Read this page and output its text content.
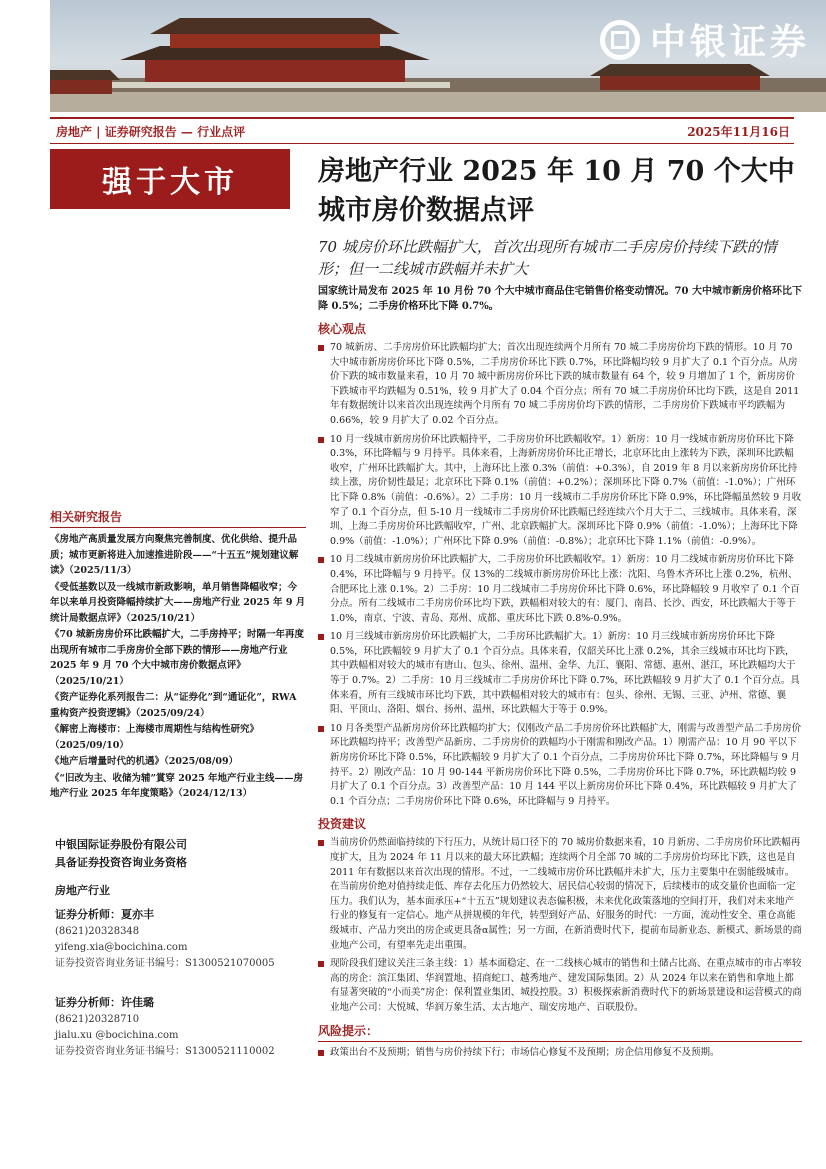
中银证券
房地产 | 证券研究报告 — 行业点评	2025年11月16日
强于大市	房地产行业 2025 年 10 月 70 个大中城市房价数据点评

70 城房价环比跌幅扩大，首次出现所有城市二手房房价持续下跌的情形；但一二线城市跌幅并未扩大

国家统计局发布 2025 年 10 月份 70 个大中城市商品住宅销售价格变动情况。70 大中城市新房价格环比下降 0.5%；二手房价格环比下降 0.7%。

核心观点

70 城新房、二手房房价环比跌幅均扩大；首次出现连续两个月所有 70 城二手房房价均下跌的情形。10 月 70 大中城市新房房价环比下降 0.5%，二手房房价环比下跌 0.7%，环比降幅均较 9 月扩大了 0.1 个百分点。从房价下跌的城市数量来看，10 月 70 城中新房房价环比下跌的城市数量有 64 个，较 9 月增加了 1 个，新房房价下跌城市平均跌幅为 0.51%，较 9 月扩大了 0.04 个百分点；所有 70 城二手房房价环比均下跌，这是自 2011 年有数据统计以来首次出现连续两个月所有 70 城二手房房价均下跌的情形，二手房房价下跌城市平均跌幅为 0.66%，较 9 月扩大了 0.02 个百分点。

10 月一线城市新房房价环比跌幅持平，二手房房价环比跌幅收窄。1）新房：10 月一线城市新房房价环比下降 0.3%，环比降幅与 9 月持平。具体来看，上海新房房价环比正增长，北京环比由上涨转为下跌，深圳环比跌幅收窄，广州环比跌幅扩大。其中，上海环比上涨 0.3%（前值：+0.3%），自 2019 年 8 月以来新房房价环比持续上涨，房价韧性最足；北京环比下降 0.1%（前值：+0.2%）；深圳环比下降 0.7%（前值：-1.0%）；广州环比下降 0.8%（前值：-0.6%）。2）二手房：10 月一线城市二手房房价环比下降 0.9%，环比降幅虽然较 9 月收窄了 0.1 个百分点，但 5-10 月一线城市二手房房价环比跌幅已经连续六个月大于二、三线城市。具体来看，深圳、上海二手房房价环比跌幅收窄，广州、北京跌幅扩大。深圳环比下降 0.9%（前值：-1.0%）；上海环比下降 0.9%（前值：-1.0%）；广州环比下降 0.9%（前值：-0.8%）；北京环比下降 1.1%（前值：-0.9%）。

10 月二线城市新房房价环比跌幅扩大，二手房房价环比跌幅收窄。1）新房：10 月二线城市新房房价环比下降 0.4%，环比降幅与 9 月持平。仅 13%的二线城市新房房价环比上涨：沈阳、乌鲁木齐环比上涨 0.2%，杭州、合肥环比上涨 0.1%。2）二手房：10 月二线城市二手房房价环比下降 0.6%，环比降幅较 9 月收窄了 0.1 个百分点。所有二线城市二手房房价环比均下跌，跌幅相对较大的有：厦门、南昌、长沙、西安，环比跌幅大于等于 1.0%，南京、宁波、青岛、郑州、成都、重庆环比下跌 0.8%-0.9%。

10 月三线城市新房房价环比跌幅扩大，二手房环比跌幅扩大。1）新房：10 月三线城市新房房价环比下降 0.5%，环比跌幅较 9 月扩大了 0.1 个百分点。具体来看，仅韶关环比上涨 0.2%，其余三线城市环比均下跌，其中跌幅相对较大的城市有唐山、包头、徐州、温州、金华、九江、襄阳、常德、惠州、湛江，环比跌幅均大于等于 0.7%。2）二手房：10 月三线城市二手房房价环比下降 0.7%，环比跌幅较 9 月扩大了 0.1 个百分点。具体来看，所有三线城市环比均下跌，其中跌幅相对较大的城市有：包头、徐州、无锡、三亚、泸州、常德、襄阳、平顶山、洛阳、烟台、扬州、温州，环比跌幅大于等于 0.9%。

10 月各类型产品新房房价环比跌幅均扩大；仅刚改产品二手房房价环比跌幅扩大，刚需与改善型产品二手房房价环比跌幅均持平；改善型产品新房、二手房房价的跌幅均小于刚需和刚改产品。1）刚需产品：10 月 90 平以下新房房价环比下降 0.5%，环比跌幅较 9 月扩大了 0.1 个百分点，二手房房价环比下降 0.7%，环比降幅与 9 月持平。2）刚改产品：10 月 90-144 平新房房价环比下降 0.5%，二手房房价环比下降 0.7%，环比跌幅均较 9 月扩大了 0.1 个百分点。3）改善型产品：10 月 144 平以上新房房价环比下降 0.4%，环比跌幅较 9 月扩大了 0.1 个百分点；二手房房价环比下降 0.6%，环比降幅与 9 月持平。

投资建议

当前房价仍然面临持续的下行压力，从统计局口径下的 70 城房价数据来看，10 月新房、二手房房价环比跌幅再度扩大，且为 2024 年 11 月以来的最大环比跌幅；连续两个月全部 70 城的二手房房价均环比下跌，这也是自 2011 年有数据以来首次出现的情形。不过，一二线城市房价环比跌幅并未扩大，压力主要集中在弱能级城市。在当前房价绝对值持续走低、库存去化压力仍然较大、居民信心较弱的情况下，后续楼市的成交量价也面临一定压力。我们认为，基本面承压+“十五五”规划建议表态偏积极，未来优化政策落地的空间打开，我们对未来地产行业的修复有一定信心。地产从拼规模的年代，转型到好产品、好服务的时代：一方面，流动性安全、重仓高能级城市、产品力突出的房企或更具备α属性；另一方面，在新消费时代下，提前布局新业态、新模式、新场景的商业地产公司，有望率先走出重围。

现阶段我们建议关注三条主线：1）基本面稳定、在一二线核心城市的销售和土储占比高、在重点城市的市占率较高的房企：滨江集团、华润置地、招商蛇口、越秀地产、建发国际集团。2）从 2024 年以来在销售和拿地上都有显著突破的“小而美”房企：保利置业集团、城投控股。3）积极探索新消费时代下的新场景建设和运营模式的商业地产公司：大悦城、华润万象生活、太古地产、瑞安房地产、百联股份。

风险提示：

政策出台不及预期；销售与房价持续下行；市场信心修复不及预期；房企信用修复不及预期。

相关研究报告

《房地产高质量发展方向聚焦完善制度、优化供给、提升品质；城市更新将进入加速推进阶段——“十五五”规划建议解读》（2025/11/3）

《受低基数以及一线城市新政影响，单月销售降幅收窄；今年以来单月投资降幅持续扩大——房地产行业 2025 年 9 月统计局数据点评》（2025/10/21）

《70 城新房房价环比跌幅扩大，二手房持平；时隔一年再度出现所有城市二手房房价全部下跌的情形——房地产行业 2025 年 9 月 70 个大中城市房价数据点评》（2025/10/21）

《资产证券化系列报告二：从“证券化”到“通证化”，RWA 重构资产投资逻辑》（2025/09/24）

《解密上海楼市：上海楼市周期性与结构性研究》（2025/09/10）

《地产后增量时代的机遇》（2025/08/09）

《“旧改为主、收储为辅”賞穿 2025 年地产行业主线——房地产行业 2025 年年度策略》（2024/12/13）

中银国际证券股份有限公司
具备证券投资咨询业务资格
房地产行业
证券分析师：夏亦丰
(8621)20328348
yifeng.xia@bocichina.com
证券投资咨询业务证书编号：S1300521070005
证券分析师：许佳璐
(8621)20328710
jialu.xu @bocichina.com
证券投资咨询业务证书编号：S1300521110002
